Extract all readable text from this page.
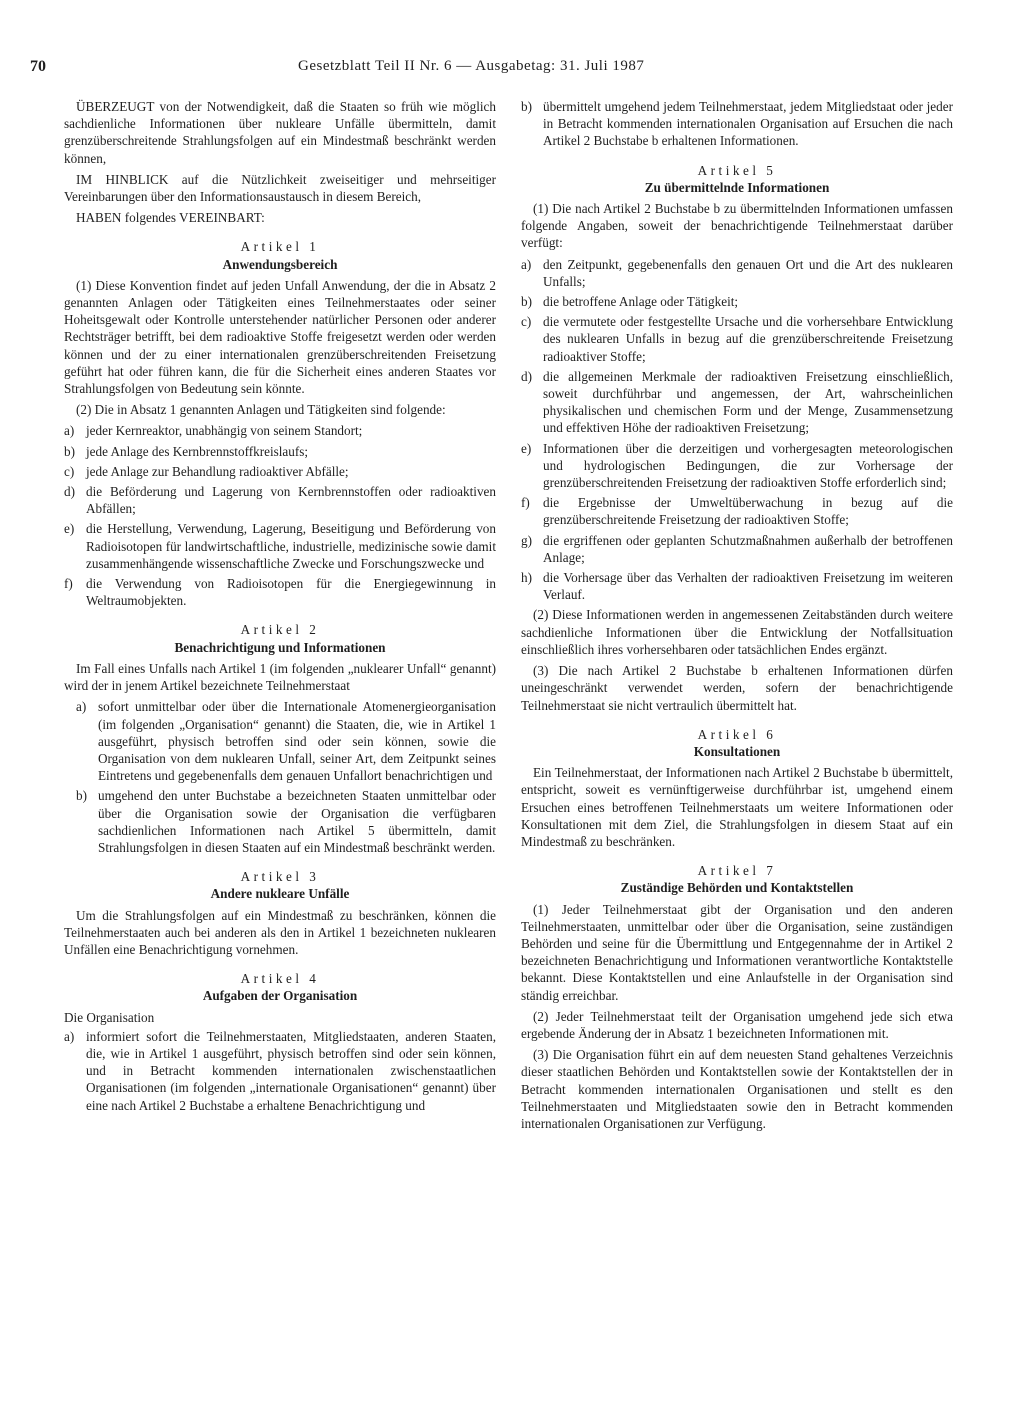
70	Gesetzblatt Teil II Nr. 6 — Ausgabetag: 31. Juli 1987

ÜBERZEUGT von der Notwendigkeit, daß die Staaten so früh wie möglich sachdienliche Informationen über nukleare Unfälle übermitteln, damit grenzüberschreitende Strahlungsfolgen auf ein Mindestmaß beschränkt werden können,

IM HINBLICK auf die Nützlichkeit zweiseitiger und mehrseitiger Vereinbarungen über den Informationsaustausch in diesem Bereich,

HABEN folgendes VEREINBART:

Artikel 1

Anwendungsbereich

(1) Diese Konvention findet auf jeden Unfall Anwendung, der die in Absatz 2 genannten Anlagen oder Tätigkeiten eines Teilnehmerstaates oder seiner Hoheitsgewalt oder Kontrolle unterstehender natürlicher Personen oder anderer Rechtsträger betrifft, bei dem radioaktive Stoffe freigesetzt werden oder werden können und der zu einer internationalen grenzüberschreitenden Freisetzung geführt hat oder führen kann, die für die Sicherheit eines anderen Staates vor Strahlungsfolgen von Bedeutung sein könnte.

(2) Die in Absatz 1 genannten Anlagen und Tätigkeiten sind folgende:

a) jeder Kernreaktor, unabhängig von seinem Standort;
b) jede Anlage des Kernbrennstoffkreislaufs;
c) jede Anlage zur Behandlung radioaktiver Abfälle;
d) die Beförderung und Lagerung von Kernbrennstoffen oder radioaktiven Abfällen;
e) die Herstellung, Verwendung, Lagerung, Beseitigung und Beförderung von Radioisotopen für landwirtschaftliche, industrielle, medizinische sowie damit zusammenhängende wissenschaftliche Zwecke und Forschungszwecke und
f)	die Verwendung von Radioisotopen für die Energiegewinnung in Weltraumobjekten.

Artikel 2

Benachrichtigung und Informationen

Im Fall eines Unfalls nach Artikel 1 (im folgenden „nuklearer Unfall“ genannt) wird der in jenem Artikel bezeichnete Teilnehmerstaat

a) sofort unmittelbar oder über die Internationale Atomenergieorganisation (im folgenden „Organisation“ genannt) die Staaten, die, wie in Artikel 1 ausgeführt, physisch betroffen sind oder sein können, sowie die Organisation von dem nuklearen Unfall, seiner Art, dem Zeitpunkt seines Eintretens und gegebenenfalls dem genauen Unfallort benachrichtigen und
b) umgehend den unter Buchstabe a bezeichneten Staaten unmittelbar oder über die Organisation sowie der Organisation die verfügbaren sachdienlichen Informationen nach Artikel 5 übermitteln, damit Strahlungsfolgen in diesen Staaten auf ein Mindestmaß beschränkt werden.

Artikel 3

Andere nukleare Unfälle

Um die Strahlungsfolgen auf ein Mindestmaß zu beschränken, können die Teilnehmerstaaten auch bei anderen als den in Artikel 1 bezeichneten nuklearen Unfällen eine Benachrichtigung vornehmen.

Artikel 4

Aufgaben der Organisation

Die Organisation

a) informiert sofort die Teilnehmerstaaten, Mitgliedstaaten, anderen Staaten, die, wie in Artikel 1 ausgeführt, physisch betroffen sind oder sein können, und in Betracht kommenden internationalen zwischenstaatlichen Organisationen (im folgenden „internationale Organisationen“ genannt) über eine nach Artikel 2 Buchstabe a erhaltene Benachrichtigung und
b) übermittelt umgehend jedem Teilnehmerstaat, jedem Mitgliedstaat oder jeder in Betracht kommenden internationalen Organisation auf Ersuchen die nach Artikel 2 Buchstabe b erhaltenen Informationen.

Artikel 5

Zu übermittelnde Informationen

(1) Die nach Artikel 2 Buchstabe b zu übermittelnden Informationen umfassen folgende Angaben, soweit der benachrichtigende Teilnehmerstaat darüber verfügt:

a) den Zeitpunkt, gegebenenfalls den genauen Ort und die Art des nuklearen Unfalls;
b) die betroffene Anlage oder Tätigkeit;
c) die vermutete oder festgestellte Ursache und die vorhersehbare Entwicklung des nuklearen Unfalls in bezug auf die grenzüberschreitende Freisetzung radioaktiver Stoffe;
d) die allgemeinen Merkmale der radioaktiven Freisetzung einschließlich, soweit durchführbar und angemessen, der Art, wahrscheinlichen physikalischen und chemischen Form und der Menge, Zusammensetzung und effektiven Höhe der radioaktiven Freisetzung;
e) Informationen über die derzeitigen und vorhergesagten meteorologischen und hydrologischen Bedingungen, die zur Vorhersage der grenzüberschreitenden Freisetzung der radioaktiven Stoffe erforderlich sind;
f)	die Ergebnisse der Umweltüberwachung in bezug auf die grenzüberschreitende Freisetzung der radioaktiven Stoffe;
g) die ergriffenen oder geplanten Schutzmaßnahmen außerhalb der betroffenen Anlage;
h) die Vorhersage über das Verhalten der radioaktiven Freisetzung im weiteren Verlauf.

(2) Diese Informationen werden in angemessenen Zeitabständen durch weitere sachdienliche Informationen über die Entwicklung der Notfallsituation einschließlich ihres vorhersehbaren oder tatsächlichen Endes ergänzt.

(3) Die nach Artikel 2 Buchstabe b erhaltenen Informationen dürfen uneingeschränkt verwendet werden, sofern der benachrichtigende Teilnehmerstaat sie nicht vertraulich übermittelt hat.

Artikel 6

Konsultationen

Ein Teilnehmerstaat, der Informationen nach Artikel 2 Buchstabe b übermittelt, entspricht, soweit es vernünftigerweise durchführbar ist, umgehend einem Ersuchen eines betroffenen Teilnehmerstaats um weitere Informationen oder Konsultationen mit dem Ziel, die Strahlungsfolgen in diesem Staat auf ein Mindestmaß zu beschränken.

Artikel 7

Zuständige Behörden und Kontaktstellen

(1) Jeder Teilnehmerstaat gibt der Organisation und den anderen Teilnehmerstaaten, unmittelbar oder über die Organisation, seine zuständigen Behörden und seine für die Übermittlung und Entgegennahme der in Artikel 2 bezeichneten Benachrichtigung und Informationen verantwortliche Kontaktstelle bekannt. Diese Kontaktstellen und eine Anlaufstelle in der Organisation sind ständig erreichbar.

(2) Jeder Teilnehmerstaat teilt der Organisation umgehend jede sich etwa ergebende Änderung der in Absatz 1 bezeichneten Informationen mit.

(3) Die Organisation führt ein auf dem neuesten Stand gehaltenes Verzeichnis dieser staatlichen Behörden und Kontaktstellen sowie der Kontaktstellen der in Betracht kommenden internationalen Organisationen und stellt es den Teilnehmerstaaten und Mitgliedstaaten sowie den in Betracht kommenden internationalen Organisationen zur Verfügung.
